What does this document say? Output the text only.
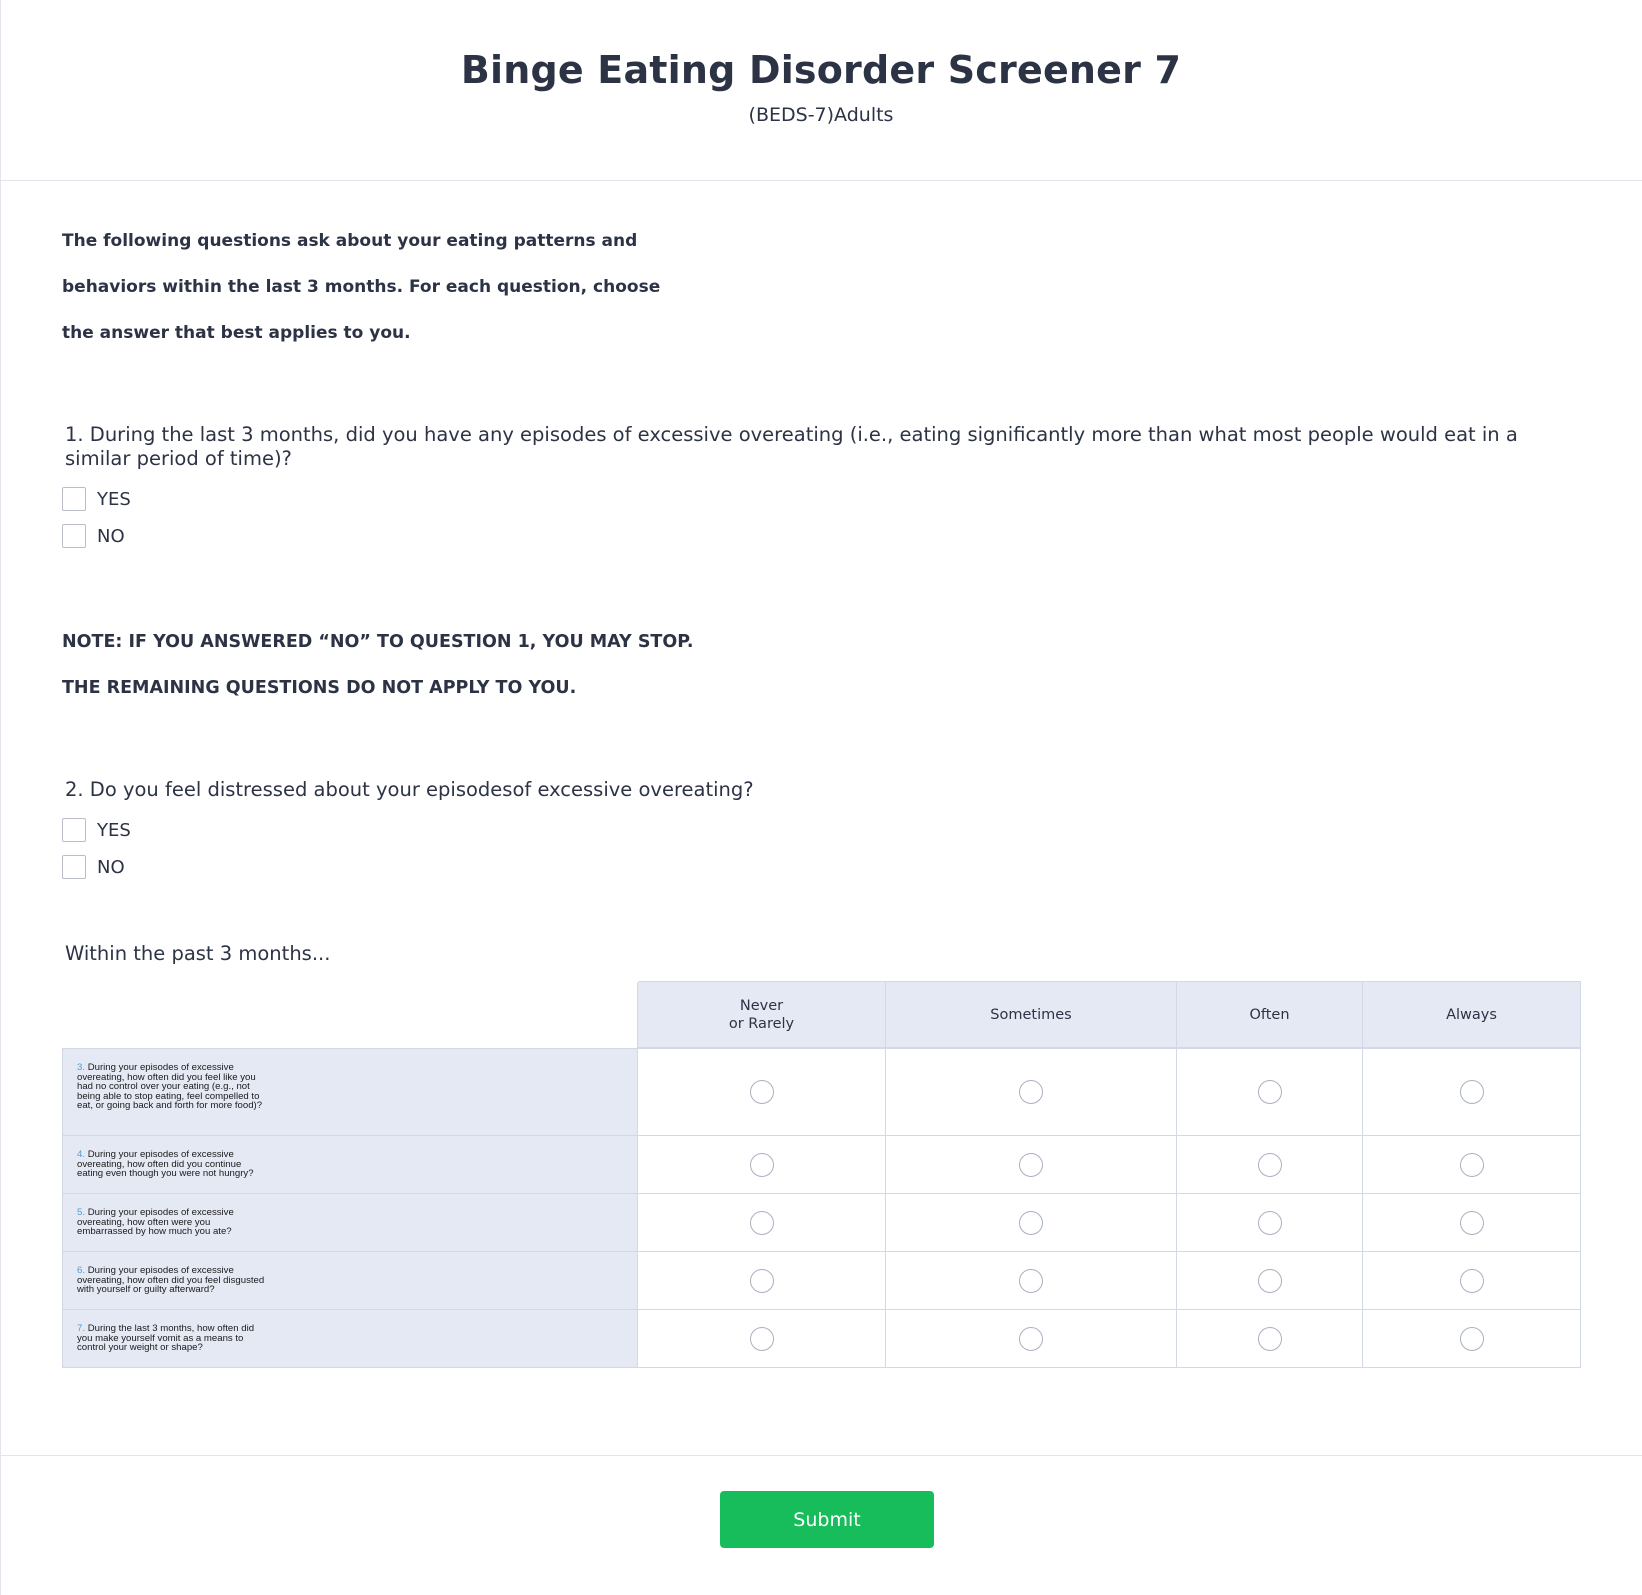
Binge Eating Disorder Screener 7
(BEDS-7)Adults
The following questions ask about your eating patterns and
behaviors within the last 3 months. For each question, choose
the answer that best applies to you.
1. During the last 3 months, did you have any episodes of excessive overeating (i.e., eating significantly more than what most people would eat in a similar period of time)?
YES
NO
NOTE: IF YOU ANSWERED “NO” TO QUESTION 1, YOU MAY STOP.
THE REMAINING QUESTIONS DO NOT APPLY TO YOU.
2. Do you feel distressed about your episodesof excessive overeating?
YES
NO
Within the past 3 months...
Never
or Rarely
Sometimes	Often	Always
3. During your episodes of excessive overeating, how often did you feel like you had no control over your eating (e.g., not being able to stop eating, feel compelled to eat, or going back and forth for more food)?
4. During your episodes of excessive overeating, how often did you continue eating even though you were not hungry?
5. During your episodes of excessive overeating, how often were you embarrassed by how much you ate?
6. During your episodes of excessive overeating, how often did you feel disgusted with yourself or guilty afterward?
7. During the last 3 months, how often did you make yourself vomit as a means to control your weight or shape?
Submit
